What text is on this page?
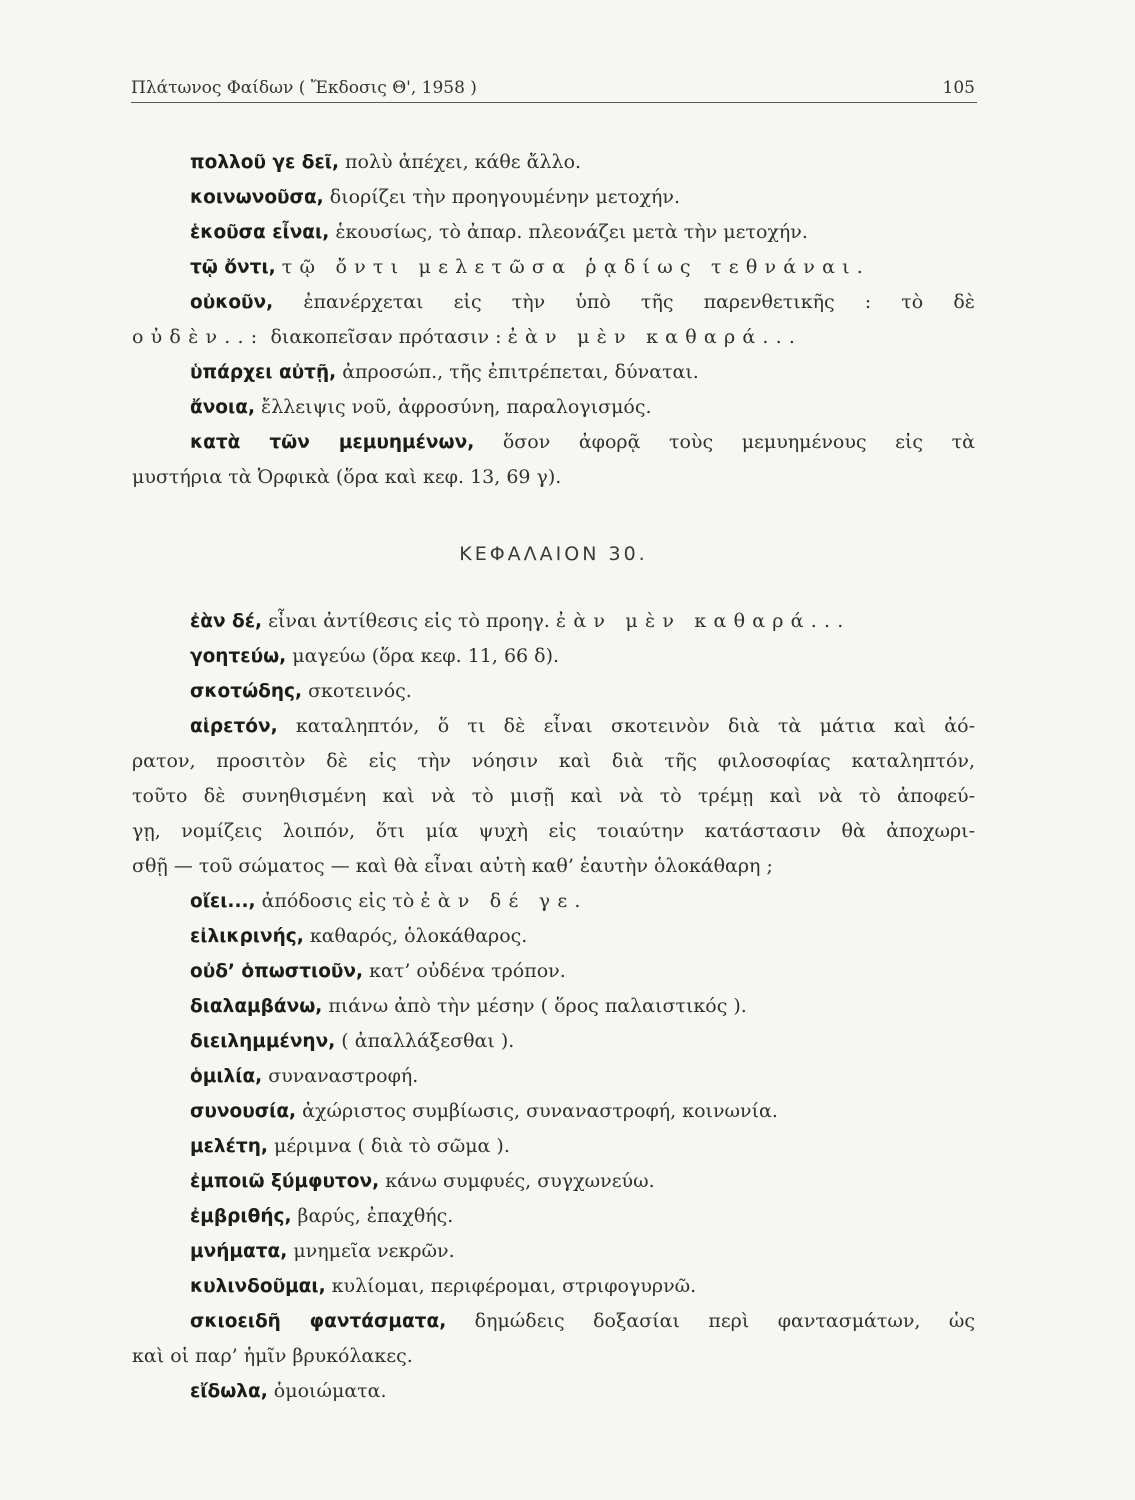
Πλάτωνος Φαίδων ( Ἔκδοσις Θ', 1958 )	105
πολλοῦ γε δεῖ, πολὺ ἀπέχει, κάθε ἄλλο.
κοινωνοῦσα, διορίζει τὴν προηγουμένην μετοχήν.
ἑκοῦσα εἶναι, ἑκουσίως, τὸ ἀπαρ. πλεονάζει μετὰ τὴν μετοχήν.
τῷ ὄντι, τῷ ὄντι μελετῶσα ῥᾳδίως τεθνάναι.
οὐκοῦν, ἐπανέρχεται εἰς τὴν ὑπὸ τῆς παρενθετικῆς : τὸ δὲ
οὐδὲν..: διακοπεῖσαν πρότασιν : ἐὰν μὲν καθαρά...
ὑπάρχει αὐτῇ, ἀπροσώπ., τῆς ἐπιτρέπεται, δύναται.
ἄνοια, ἔλλειψις νοῦ, ἀφροσύνη, παραλογισμός.
κατὰ τῶν μεμυημένων, ὅσον ἀφορᾷ τοὺς μεμυημένους εἰς τὰ
μυστήρια τὰ Ὀρφικὰ (ὅρα καὶ κεφ. 13, 69 γ).
ΚΕΦΑΛΑΙΟΝ 30.
ἐὰν δέ, εἶναι ἀντίθεσις εἰς τὸ προηγ. ἐὰν μὲν καθαρά...
γοητεύω, μαγεύω (ὅρα κεφ. 11, 66 δ).
σκοτώδης, σκοτεινός.
αἱρετόν, καταληπτόν, ὅ τι δὲ εἶναι σκοτεινὸν διὰ τὰ μάτια καὶ ἀό-
ρατον, προσιτὸν δὲ εἰς τὴν νόησιν καὶ διὰ τῆς φιλοσοφίας καταληπτόν,
τοῦτο δὲ συνηθισμένη καὶ νὰ τὸ μισῇ καὶ νὰ τὸ τρέμῃ καὶ νὰ τὸ ἀποφεύ-
γῃ, νομίζεις λοιπόν, ὅτι μία ψυχὴ εἰς τοιαύτην κατάστασιν θὰ ἀποχωρι-
σθῇ — τοῦ σώματος — καὶ θὰ εἶναι αὐτὴ καθ’ ἑαυτὴν ὁλοκάθαρη ;
οἴει..., ἀπόδοσις εἰς τὸ ἐὰν δέ γε.
εἰλικρινής, καθαρός, ὁλοκάθαρος.
οὐδ’ ὁπωστιοῦν, κατ’ οὐδένα τρόπον.
διαλαμβάνω, πιάνω ἀπὸ τὴν μέσην ( ὅρος παλαιστικός ).
διειλημμένην, ( ἀπαλλάξεσθαι ).
ὁμιλία, συναναστροφή.
συνουσία, ἀχώριστος συμβίωσις, συναναστροφή, κοινωνία.
μελέτη, μέριμνα ( διὰ τὸ σῶμα ).
ἐμποιῶ ξύμφυτον, κάνω συμφυές, συγχωνεύω.
ἐμβριθής, βαρύς, ἐπαχθής.
μνήματα, μνημεῖα νεκρῶν.
κυλινδοῦμαι, κυλίομαι, περιφέρομαι, στριφογυρνῶ.
σκιοειδῆ φαντάσματα, δημώδεις δοξασίαι περὶ φαντασμάτων, ὡς
καὶ οἱ παρ’ ἡμῖν βρυκόλακες.
εἴδωλα, ὁμοιώματα.
